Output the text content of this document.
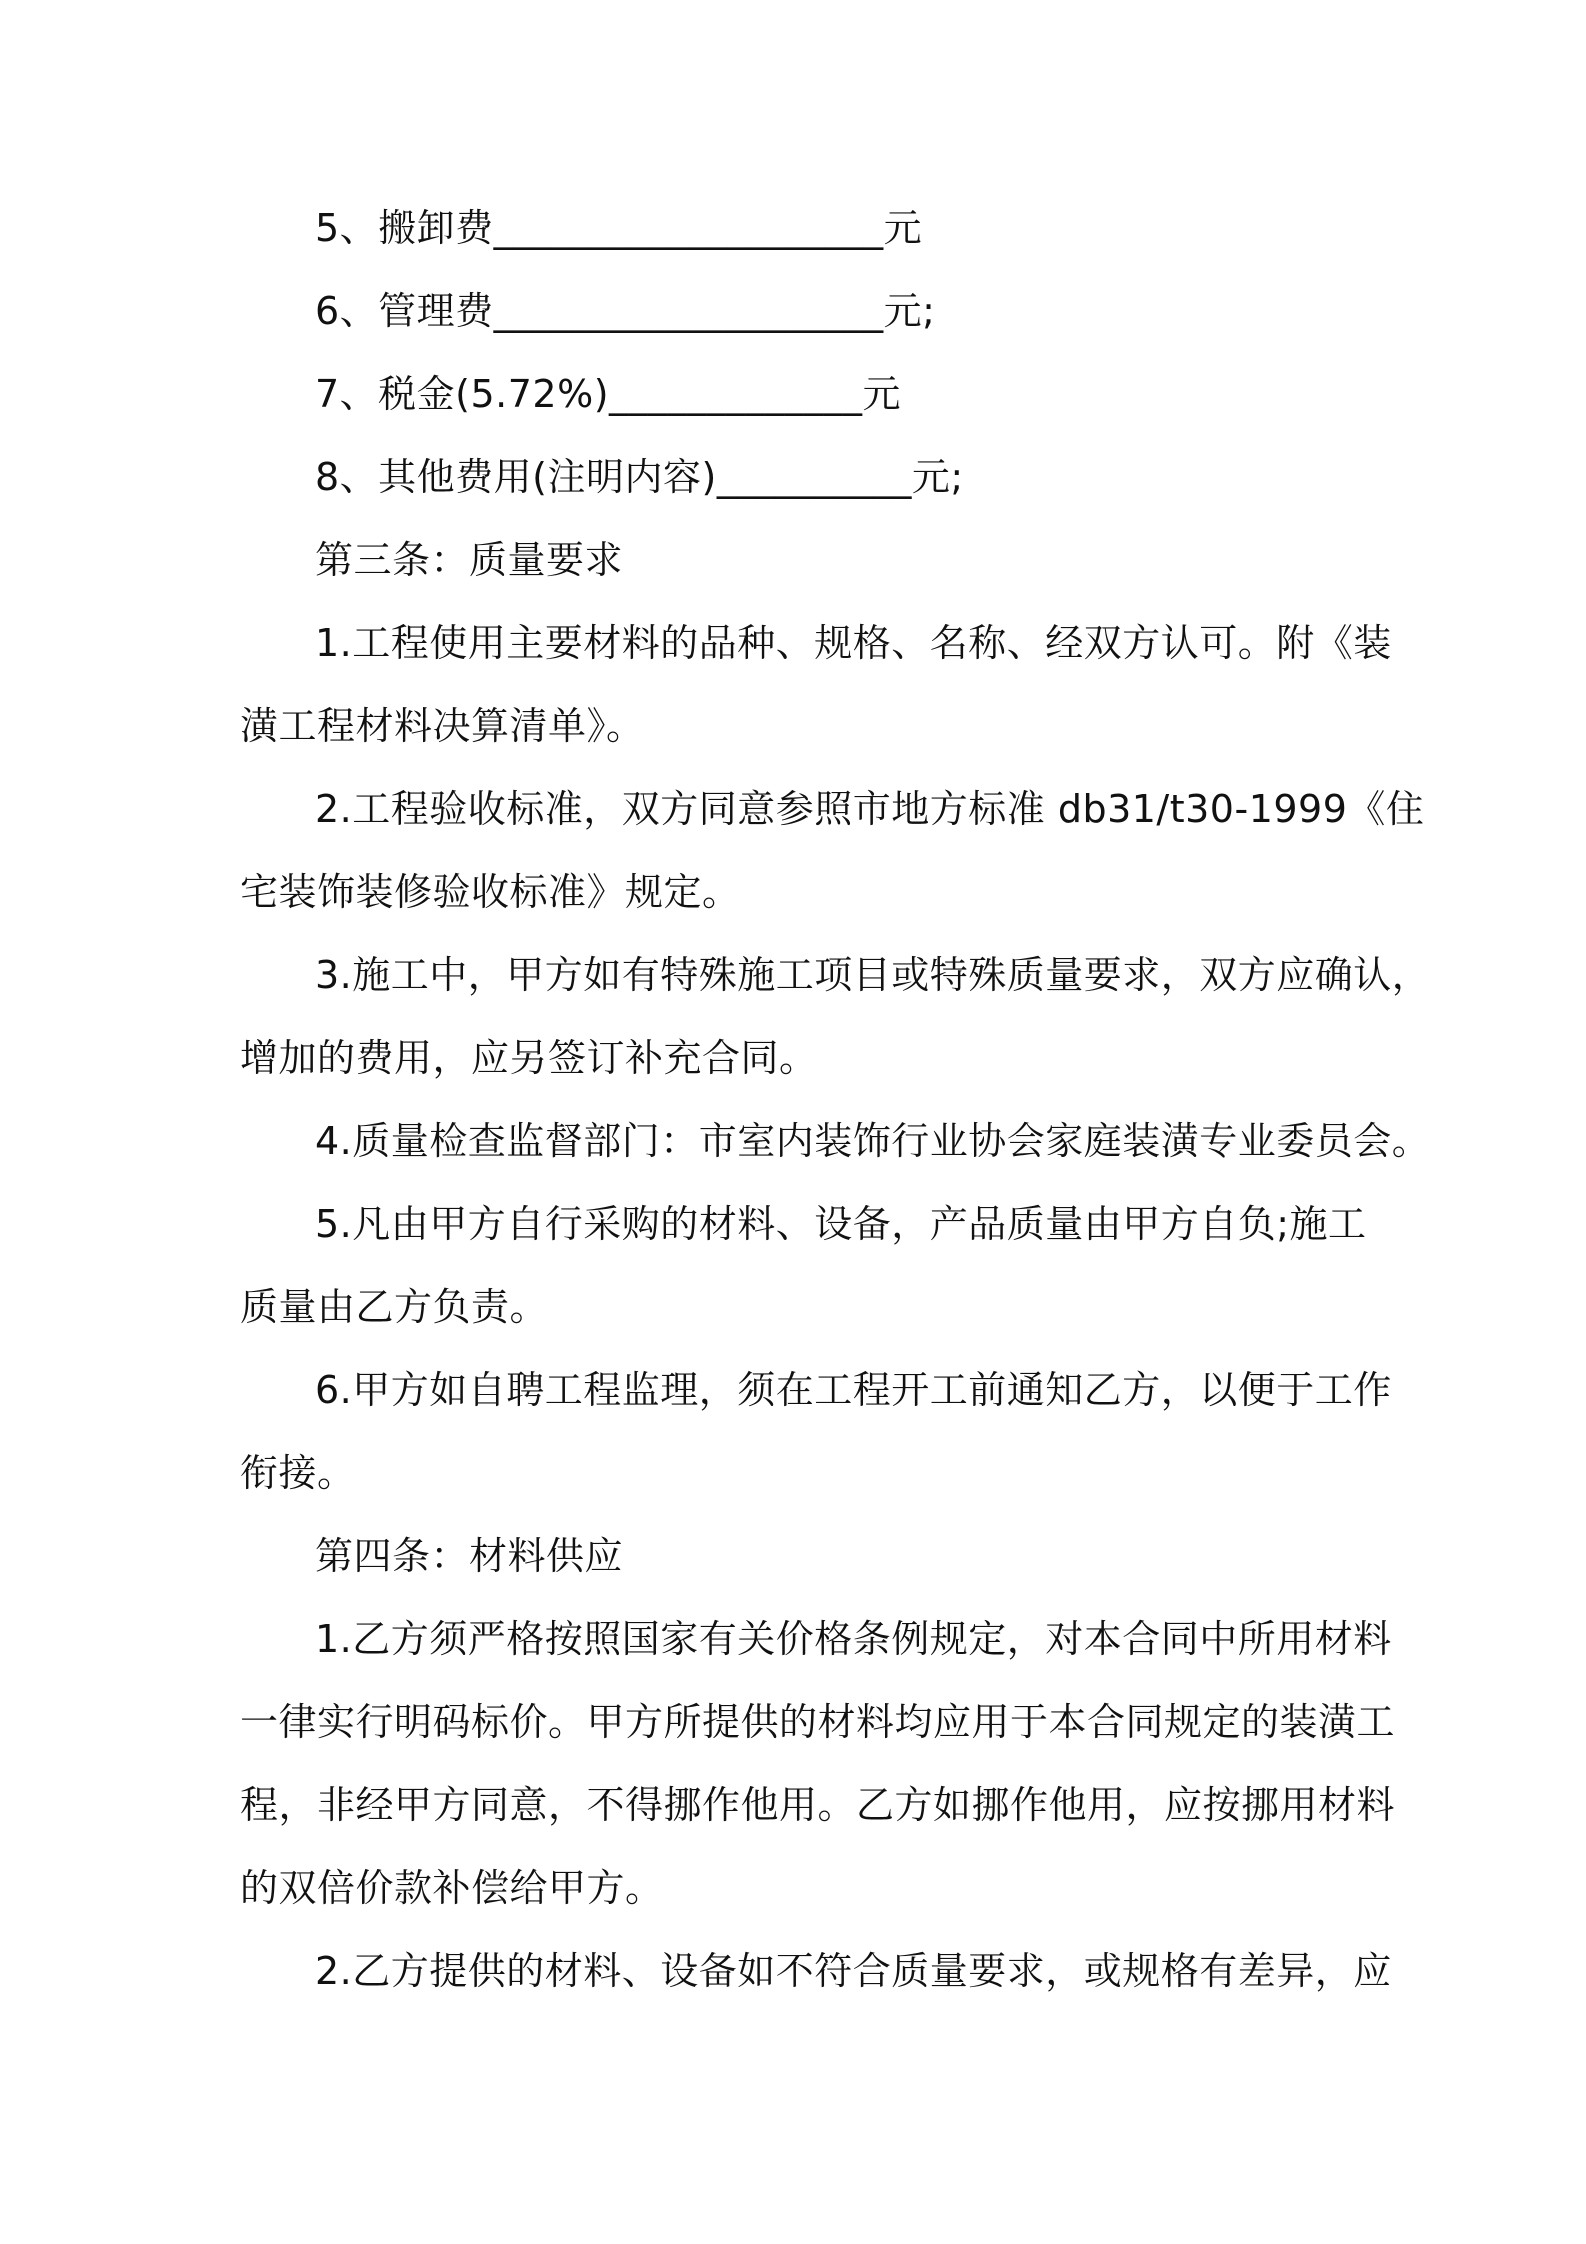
5、搬卸费____________________元
6、管理费____________________元;
7、税金(5.72%)_____________元
8、其他费用(注明内容)__________元;
第三条：质量要求
1.工程使用主要材料的品种、规格、名称、经双方认可。附《装
潢工程材料决算清单》。
2.工程验收标准，双方同意参照市地方标准 db31/t30-1999《住
宅装饰装修验收标准》规定。
3.施工中，甲方如有特殊施工项目或特殊质量要求，双方应确认，
增加的费用，应另签订补充合同。
4.质量检查监督部门：市室内装饰行业协会家庭装潢专业委员会。
5.凡由甲方自行采购的材料、设备，产品质量由甲方自负;施工
质量由乙方负责。
6.甲方如自聘工程监理，须在工程开工前通知乙方，以便于工作
衔接。
第四条：材料供应
1.乙方须严格按照国家有关价格条例规定，对本合同中所用材料
一律实行明码标价。甲方所提供的材料均应用于本合同规定的装潢工
程，非经甲方同意，不得挪作他用。乙方如挪作他用，应按挪用材料
的双倍价款补偿给甲方。
2.乙方提供的材料、设备如不符合质量要求，或规格有差异，应
